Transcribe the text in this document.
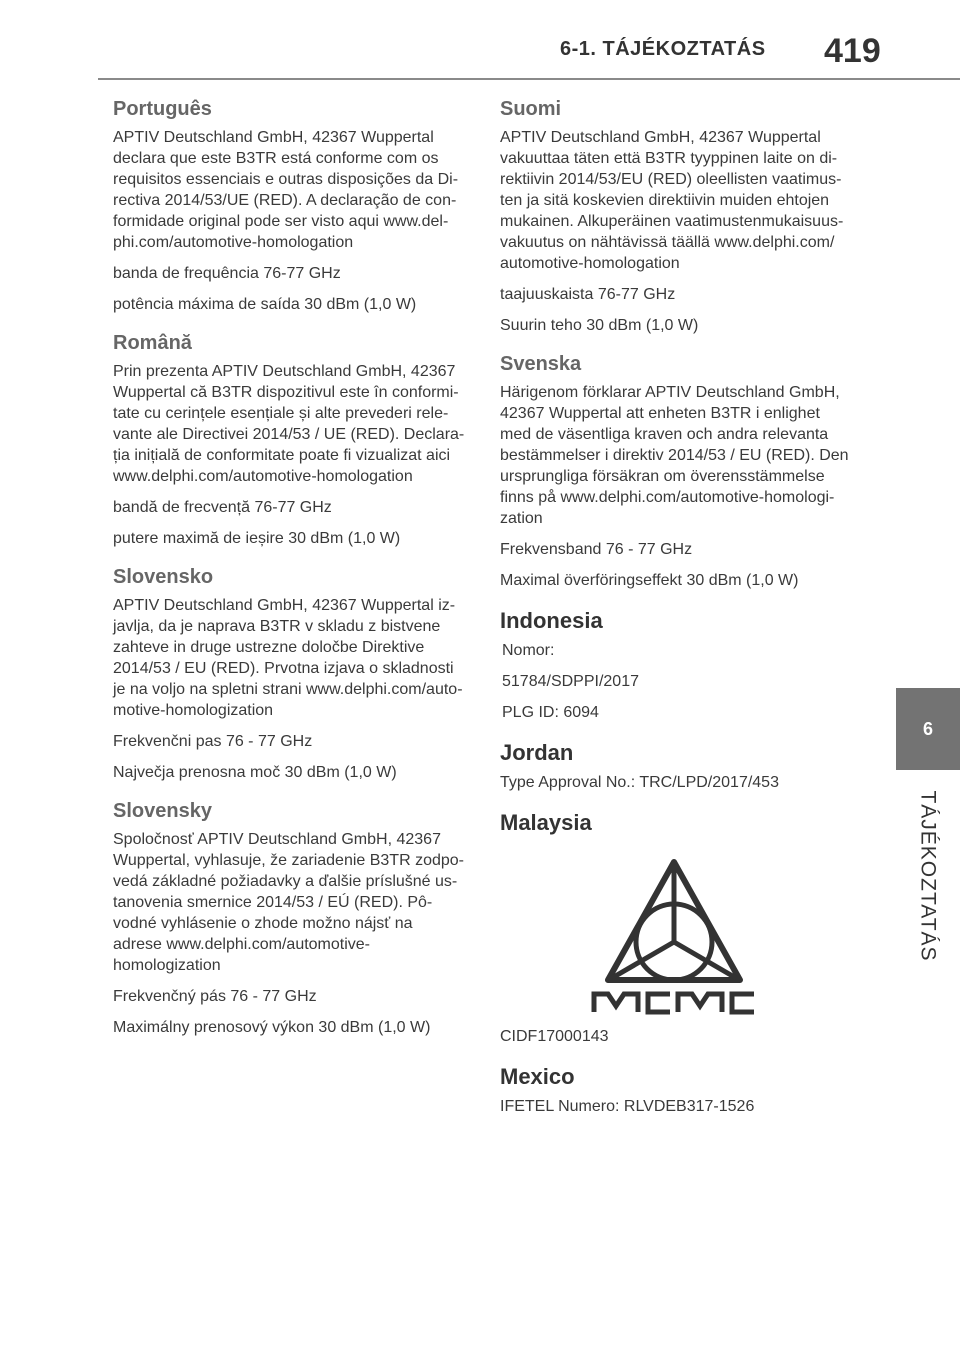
6-1. TÁJÉKOZTATÁS 419
6
TÁJÉKOZTATÁS
Português

APTIV Deutschland GmbH, 42367 Wuppertal declara que este B3TR está conforme com os requisitos essenciais e outras disposições da Di-rectiva 2014/53/UE (RED). A declaração de con-formidade original pode ser visto aqui www.del-phi.com/automotive-homologation

banda de frequência 76-77 GHz

potência máxima de saída 30 dBm (1,0 W)

Română

Prin prezenta APTIV Deutschland GmbH, 42367 Wuppertal că B3TR dispozitivul este în conformi-tate cu cerințele esențiale și alte prevederi rele-vante ale Directivei 2014/53 / UE (RED). Declara-ția inițială de conformitate poate fi vizualizat aici www.delphi.com/automotive-homologation

bandă de frecvență 76-77 GHz

putere maximă de ieșire 30 dBm (1,0 W)

Slovensko

APTIV Deutschland GmbH, 42367 Wuppertal iz-javlja, da je naprava B3TR v skladu z bistvene zahteve in druge ustrezne določbe Direktive 2014/53 / EU (RED). Prvotna izjava o skladnosti je na voljo na spletni strani www.delphi.com/auto-motive-homologization

Frekvenčni pas 76 - 77 GHz

Največja prenosna moč 30 dBm (1,0 W)

Slovensky

Spoločnosť APTIV Deutschland GmbH, 42367 Wuppertal, vyhlasuje, že zariadenie B3TR zodpo-vedá základné požiadavky a ďalšie príslušné us-tanovenia smernice 2014/53 / EÚ (RED). Pô-vodné vyhlásenie o zhode možno nájsť na adrese www.delphi.com/automotive-homologization

Frekvenčný pás 76 - 77 GHz

Maximálny prenosový výkon 30 dBm (1,0 W)

Suomi

APTIV Deutschland GmbH, 42367 Wuppertal vakuuttaa täten että B3TR tyyppinen laite on di-rektiivin 2014/53/EU (RED) oleellisten vaatimus-ten ja sitä koskevien direktiivin muiden ehtojen mukainen. Alkuperäinen vaatimustenmukaisuus-vakuutus on nähtävissä täällä www.delphi.com/ automotive-homologation

taajuuskaista 76-77 GHz

Suurin teho 30 dBm (1,0 W)

Svenska

Härigenom förklarar APTIV Deutschland GmbH, 42367 Wuppertal att enheten B3TR i enlighet med de väsentliga kraven och andra relevanta bestämmelser i direktiv 2014/53 / EU (RED). Den ursprungliga försäkran om överensstämmelse finns på www.delphi.com/automotive-homologi-zation

Frekvensband 76 - 77 GHz

Maximal överföringseffekt 30 dBm (1,0 W)

Indonesia

Nomor:

51784/SDPPI/2017

PLG ID: 6094

Jordan

Type Approval No.: TRC/LPD/2017/453

Malaysia

CIDF17000143

Mexico

IFETEL Numero: RLVDEB317-1526
